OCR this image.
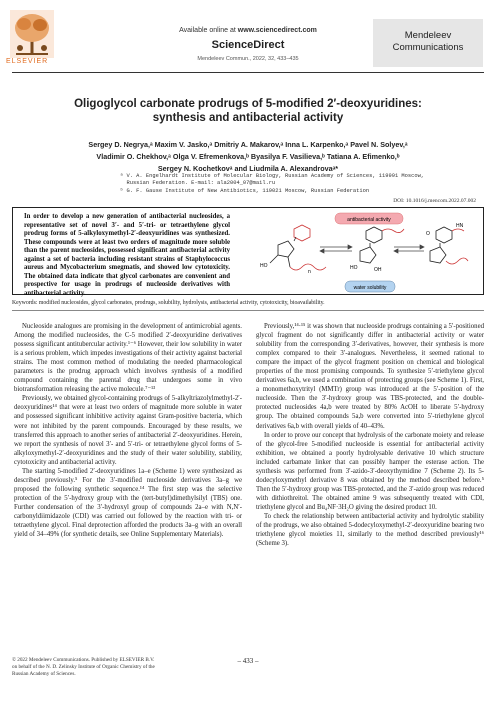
ELSEVIER
Available online at www.sciencedirect.com
ScienceDirect
Mendeleev Commun., 2022, 32, 433–435
Mendeleev
Communications
Oligoglycol carbonate prodrugs of 5-modified 2′-deoxyuridines:
synthesis and antibacterial activity
Sergey D. Negrya,ᵃ Maxim V. Jasko,ᵃ Dmitriy A. Makarov,ᵃ Inna L. Karpenko,ᵃ Pavel N. Solyev,ᵃ
Vladimir O. Chekhov,ᵃ Olga V. Efremenkova,ᵇ Byasilya F. Vasilieva,ᵇ Tatiana A. Efimenko,ᵇ
Sergey N. Kochetkovᵃ and Liudmila A. Alexandrovaᵃ*
ᵃ V. A. Engelhardt Institute of Molecular Biology, Russian Academy of Sciences, 119991 Moscow,
Russian Federation. E-mail: ala2004_07@mail.ru
ᵇ G. F. Gause Institute of New Antibiotics, 119021 Moscow, Russian Federation
DOI: 10.1016/j.mencom.2022.07.002
In order to develop a new generation of antibacterial nucleosides, a representative set of novel 3′- and 5′-tri- or tetraethylene glycol prodrug forms of 5-alkyloxymethyl-2′-deoxyuridines was synthesized. These compounds were at least two orders of magnitude more soluble than the parent nucleosides, possessed significant antibacterial activity against a set of bacteria including resistant strains of Staphylococcus aureus and Mycobacterium smegmatis, and showed low cytotoxicity. The obtained data indicate that glycol carbonates are convenient and prospective for usage in prodrugs of nucleoside derivatives with antibacterial activity.
antibacterial activity
water solubility
HO
n
HO	OH
HN
O
Keywords: modified nucleosides, glycol carbonates, prodrugs, solubility, hydrolysis, antibacterial activity, cytotoxicity, bioavailability.

Nucleoside analogues are promising in the development of antimicrobial agents. Among the modified nucleosides, the C-5 modified 2′-deoxyuridine derivatives possess significant antitubercular activity.¹⁻⁶ However, their low solubility in water is a serious problem, which impedes investigations of their activity against bacterial strains. The most common method of modulating the needed pharmacological parameters is the prodrug approach which involves synthesis of a modified compound containing the parental drug that undergoes some in vivo biotransformation releasing the active molecule.⁷⁻¹³

Previously, we obtained glycol-containing prodrugs of 5-alkyltriazolylmethyl-2′-deoxyuridines¹⁴ that were at least two orders of magnitude more soluble in water and possessed significant inhibitive activity against Gram-positive bacteria, which were not inhibited by the parent compounds. Encouraged by these results, we transferred this approach to another series of antibacterial 2′-deoxyuridines. Herein, we report the synthesis of novel 3′- and 5′-tri- or tetraethylene glycol forms of 5-alkyloxymethyl-2′-deoxyuridines and the study of their water solubility, stability, cytotoxicity and antibacterial activity.

The starting 5-modified 2′-deoxyuridines 1a–e (Scheme 1) were synthesized as described previously.⁵ For the 3′-modified nucleoside derivatives 3a–g we proposed the following synthetic sequence.¹⁴ The first step was the selective protection of the 5′-hydroxy group with the (tert-butyl)dimethylsilyl (TBS) one. Further condensation of the 3′-hydroxyl group of compounds 2a–e with N,N′-carbonyldiimidazole (CDI) was carried out followed by the reaction with tri- or tetraethylene glycol. Final deprotection afforded the products 3a–g with an overall yield of 34–49% (for synthetic details, see Online Supplementary Materials).

Previously,¹⁴·¹⁵ it was shown that nucleoside prodrugs containing a 5′-positioned glycol fragment do not significantly differ in antibacterial activity or water solubility from the corresponding 3′-derivatives, however, their synthesis is more complex compared to their 3′-analogues. Nevertheless, it seemed rational to compare the impact of the glycol fragment position on chemical and biological properties of the most promising compounds. To synthesize 5′-triethylene glycol derivatives 6a,b, we used a combination of protecting groups (see Scheme 1). First, a monomethoxytrityl (MMTr) group was introduced at the 5′-position of the nucleoside. Then the 3′-hydroxy group was TBS-protected, and the double-protected nucleosides 4a,b were treated by 80% AcOH to liberate 5′-hydroxy group. The obtained compounds 5a,b were converted into 5′-triethylene glycol derivatives 6a,b with overall yields of 40–43%.

In order to prove our concept that hydrolysis of the carbonate moiety and release of the glycol-free 5-modified nucleoside is essential for antibacterial activity exhibition, we obtained a poorly hydrolysable derivative 10 which structure included carbamate linker that can possibly hamper the esterase action. The synthesis was performed from 3′-azido-3′-deoxythymidine 7 (Scheme 2). Its 5-dodecyloxymethyl derivative 8 was obtained by the method described before.⁵ Then the 5′-hydroxy group was TBS-protected, and the 3′-azido group was reduced with dithiothreitol. The obtained amine 9 was subsequently treated with CDI, triethylene glycol and Bu₄NF·3H₂O giving the desired product 10.

To check the relationship between antibacterial activity and hydrolytic stability of the prodrugs, we also obtained 5-dodecyloxymethyl-2′-deoxyuridine bearing two triethylene glycol moieties 11, similarly to the method described previously¹⁶ (Scheme 3).

© 2022 Mendeleev Communications. Published by ELSEVIER B.V.
on behalf of the N. D. Zelinsky Institute of Organic Chemistry of the
Russian Academy of Sciences.
– 433 –
